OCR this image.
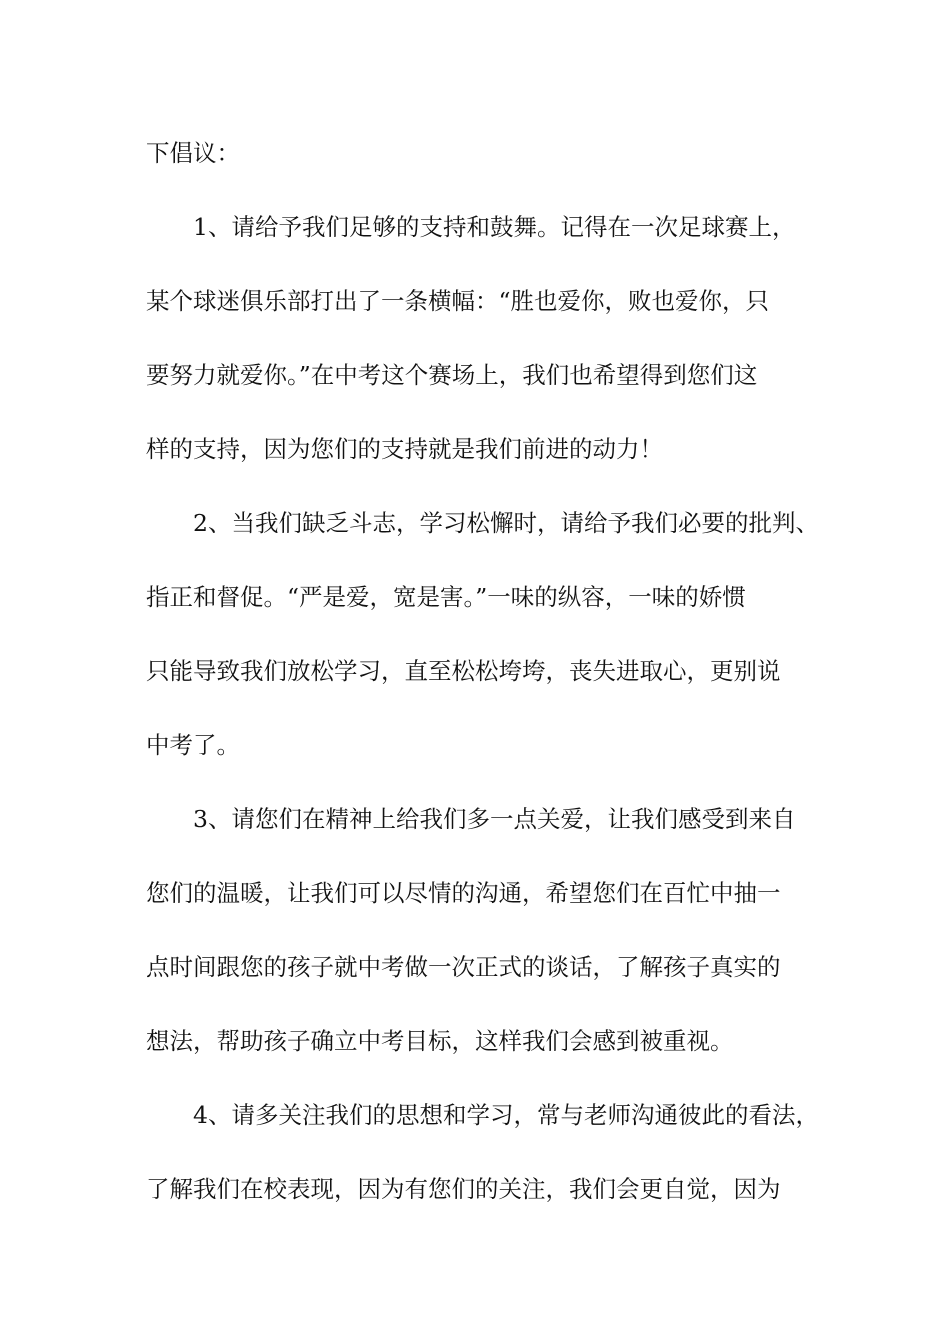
下倡议：
1、请给予我们足够的支持和鼓舞。记得在一次足球赛上，
某个球迷俱乐部打出了一条横幅：“胜也爱你，败也爱你，只
要努力就爱你。”在中考这个赛场上，我们也希望得到您们这
样的支持，因为您们的支持就是我们前进的动力！
2、当我们缺乏斗志，学习松懈时，请给予我们必要的批判、
指正和督促。“严是爱，宽是害。”一味的纵容，一味的娇惯
只能导致我们放松学习，直至松松垮垮，丧失进取心，更别说
中考了。
3、请您们在精神上给我们多一点关爱，让我们感受到来自
您们的温暖，让我们可以尽情的沟通，希望您们在百忙中抽一
点时间跟您的孩子就中考做一次正式的谈话，了解孩子真实的
想法，帮助孩子确立中考目标，这样我们会感到被重视。
4、请多关注我们的思想和学习，常与老师沟通彼此的看法，
了解我们在校表现，因为有您们的关注，我们会更自觉，因为
